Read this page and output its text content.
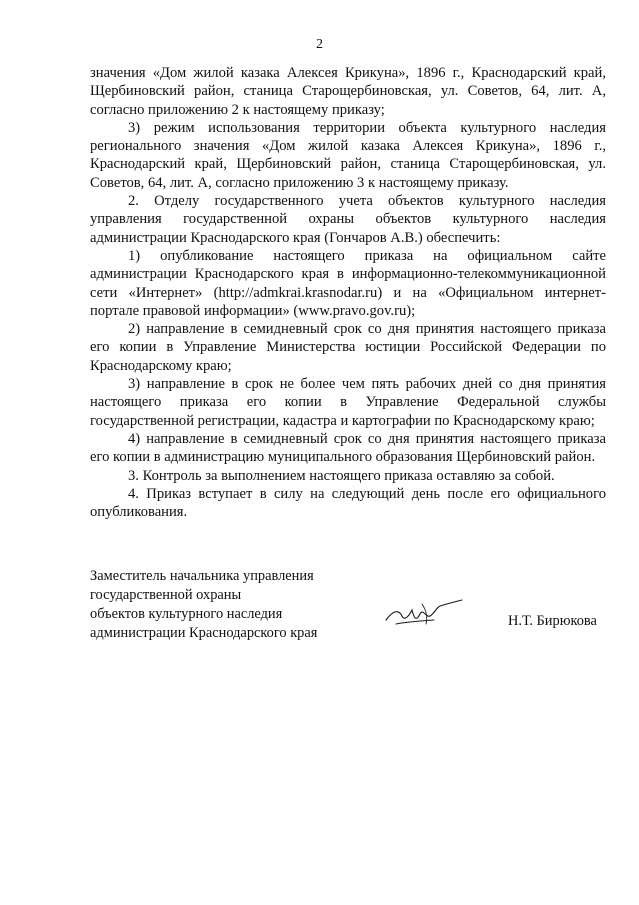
2

значения «Дом жилой казака Алексея Крикуна», 1896 г., Краснодарский край, Щербиновский район, станица Старощербиновская, ул. Советов, 64, лит. А, согласно приложению 2 к настоящему приказу;

3) режим использования территории объекта культурного наследия регионального значения «Дом жилой казака Алексея Крикуна», 1896 г., Краснодарский край, Щербиновский район, станица Старощербиновская, ул. Советов, 64, лит. А, согласно приложению 3 к настоящему приказу.

2. Отделу государственного учета объектов культурного наследия управления государственной охраны объектов культурного наследия администрации Краснодарского края (Гончаров А.В.) обеспечить:

1) опубликование настоящего приказа на официальном сайте администрации Краснодарского края в информационно-телекоммуникационной сети «Интернет» (http://admkrai.krasnodar.ru) и на «Официальном интернет-портале правовой информации» (www.pravo.gov.ru);

2) направление в семидневный срок со дня принятия настоящего приказа его копии в Управление Министерства юстиции Российской Федерации по Краснодарскому краю;

3) направление в срок не более чем пять рабочих дней со дня принятия настоящего приказа его копии в Управление Федеральной службы государственной регистрации, кадастра и картографии по Краснодарскому краю;

4) направление в семидневный срок со дня принятия настоящего приказа его копии в администрацию муниципального образования Щербиновский район.

3. Контроль за выполнением настоящего приказа оставляю за собой.

4. Приказ вступает в силу на следующий день после его официального опубликования.

Заместитель начальника управления
государственной охраны
объектов культурного наследия
администрации Краснодарского края
Н.Т. Бирюкова
